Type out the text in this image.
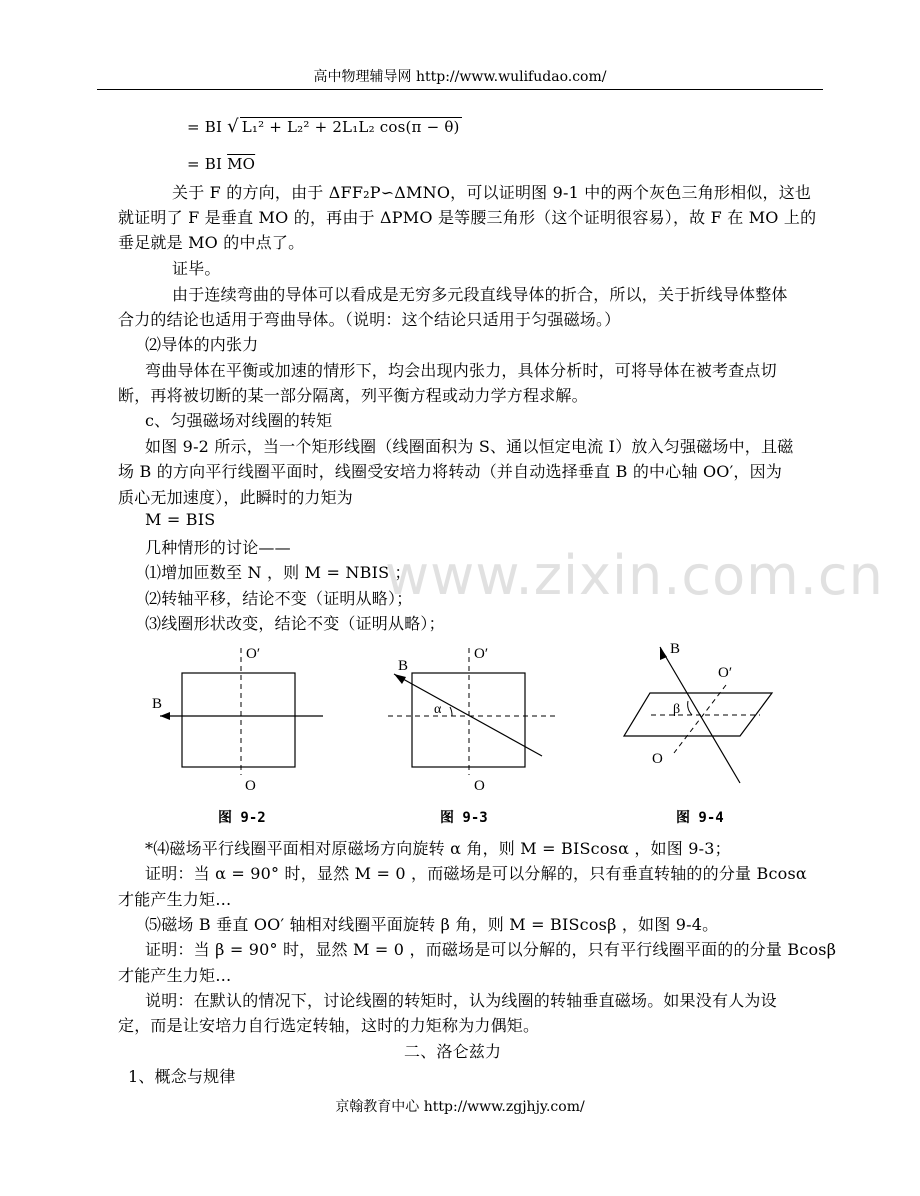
高中物理辅导网 http://www.wulifudao.com/
= BI √ L₁² + L₂² + 2L₁L₂ cos(π − θ)
= BI $\overline{MO}$
关于 F 的方向，由于 ΔFF₂P∽ΔMNO，可以证明图 9-1 中的两个灰色三角形相似，这也
就证明了 F 是垂直 MO 的，再由于 ΔPMO 是等腰三角形（这个证明很容易），故 F 在 MO 上的
垂足就是 MO 的中点了。
证毕。
由于连续弯曲的导体可以看成是无穷多元段直线导体的折合，所以，关于折线导体整体
合力的结论也适用于弯曲导体。（说明：这个结论只适用于匀强磁场。）
⑵导体的内张力
弯曲导体在平衡或加速的情形下，均会出现内张力，具体分析时，可将导体在被考查点切
断，再将被切断的某一部分隔离，列平衡方程或动力学方程求解。
c、匀强磁场对线圈的转矩
如图 9-2 所示，当一个矩形线圈（线圈面积为 S、通以恒定电流 I）放入匀强磁场中，且磁
场 B 的方向平行线圈平面时，线圈受安培力将转动（并自动选择垂直 B 的中心轴 OO′，因为
质心无加速度），此瞬时的力矩为
M = BIS
几种情形的讨论——
⑴增加匝数至 N ，则 M = NBIS ；
⑵转轴平移，结论不变（证明从略）；
⑶线圈形状改变，结论不变（证明从略）；
www.zixin.com.cn
O′
O
B	α
O′
O
B
β
O′
O
B
图 9-2	图 9-3	图 9-4
*⑷磁场平行线圈平面相对原磁场方向旋转 α 角，则 M = BIScosα ，如图 9-3；
证明：当 α = 90° 时，显然 M = 0 ，而磁场是可以分解的，只有垂直转轴的的分量 Bcosα
才能产生力矩…
⑸磁场 B 垂直 OO′ 轴相对线圈平面旋转 β 角，则 M = BIScosβ ，如图 9-4。
证明：当 β = 90° 时，显然 M = 0 ，而磁场是可以分解的，只有平行线圈平面的的分量 Bcosβ
才能产生力矩…
说明：在默认的情况下，讨论线圈的转矩时，认为线圈的转轴垂直磁场。如果没有人为设
定，而是让安培力自行选定转轴，这时的力矩称为力偶矩。
二、洛仑兹力
1、概念与规律
京翰教育中心 http://www.zgjhjy.com/
